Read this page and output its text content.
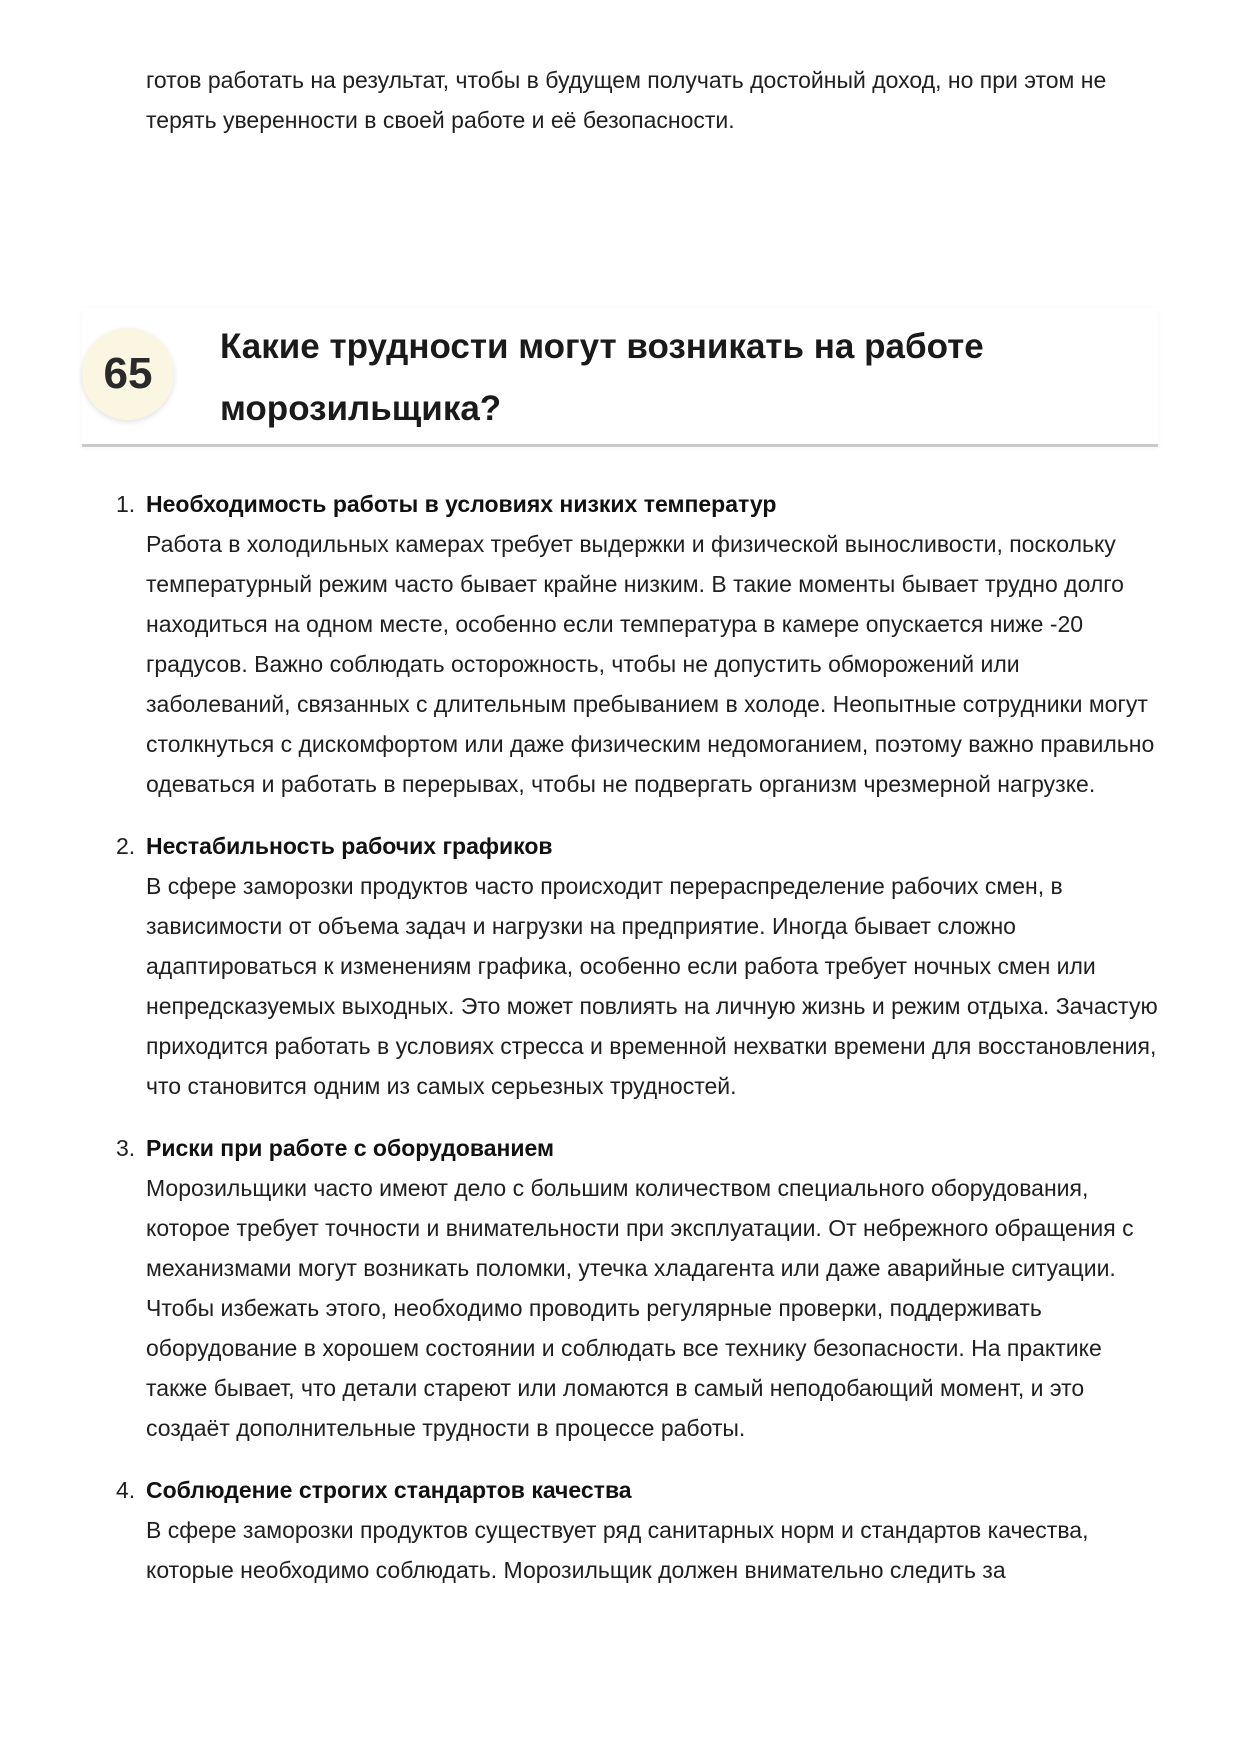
готов работать на результат, чтобы в будущем получать достойный доход, но при этом не терять уверенности в своей работе и её безопасности.

65
Какие трудности могут возникать на работе морозильщика?
1. Необходимость работы в условиях низких температур

Работа в холодильных камерах требует выдержки и физической выносливости, поскольку температурный режим часто бывает крайне низким. В такие моменты бывает трудно долго находиться на одном месте, особенно если температура в камере опускается ниже -20 градусов. Важно соблюдать осторожность, чтобы не допустить обморожений или заболеваний, связанных с длительным пребыванием в холоде. Неопытные сотрудники могут столкнуться с дискомфортом или даже физическим недомоганием, поэтому важно правильно одеваться и работать в перерывах, чтобы не подвергать организм чрезмерной нагрузке.

2. Нестабильность рабочих графиков

В сфере заморозки продуктов часто происходит перераспределение рабочих смен, в зависимости от объема задач и нагрузки на предприятие. Иногда бывает сложно адаптироваться к изменениям графика, особенно если работа требует ночных смен или непредсказуемых выходных. Это может повлиять на личную жизнь и режим отдыха. Зачастую приходится работать в условиях стресса и временной нехватки времени для восстановления, что становится одним из самых серьезных трудностей.

3. Риски при работе с оборудованием

Морозильщики часто имеют дело с большим количеством специального оборудования, которое требует точности и внимательности при эксплуатации. От небрежного обращения с механизмами могут возникать поломки, утечка хладагента или даже аварийные ситуации. Чтобы избежать этого, необходимо проводить регулярные проверки, поддерживать оборудование в хорошем состоянии и соблюдать все технику безопасности. На практике также бывает, что детали стареют или ломаются в самый неподобающий момент, и это создаёт дополнительные трудности в процессе работы.

4. Соблюдение строгих стандартов качества

В сфере заморозки продуктов существует ряд санитарных норм и стандартов качества, которые необходимо соблюдать. Морозильщик должен внимательно следить за
